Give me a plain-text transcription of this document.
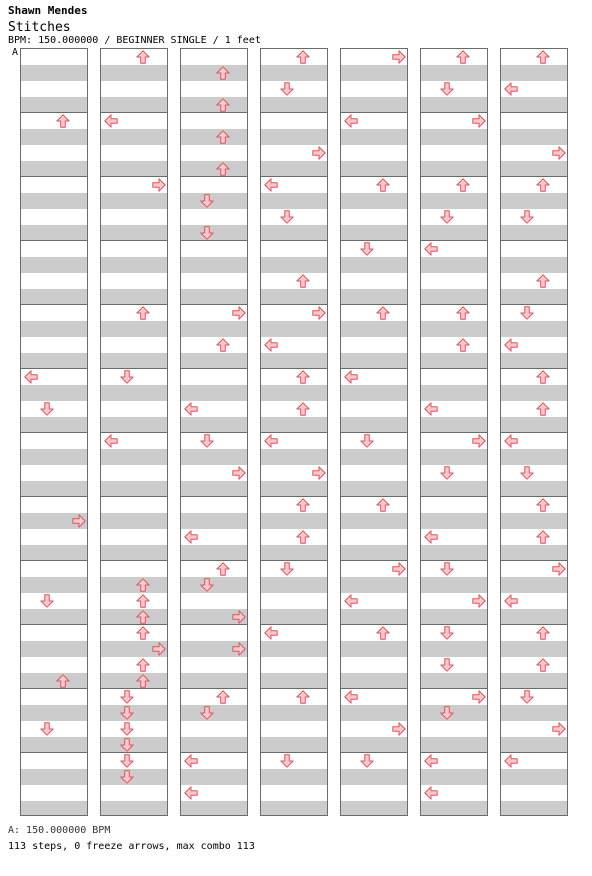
Shawn Mendes
Stitches
BPM: 150.000000 / BEGINNER SINGLE / 1 feet
A
A: 150.000000 BPM
113 steps, 0 freeze arrows, max combo 113
